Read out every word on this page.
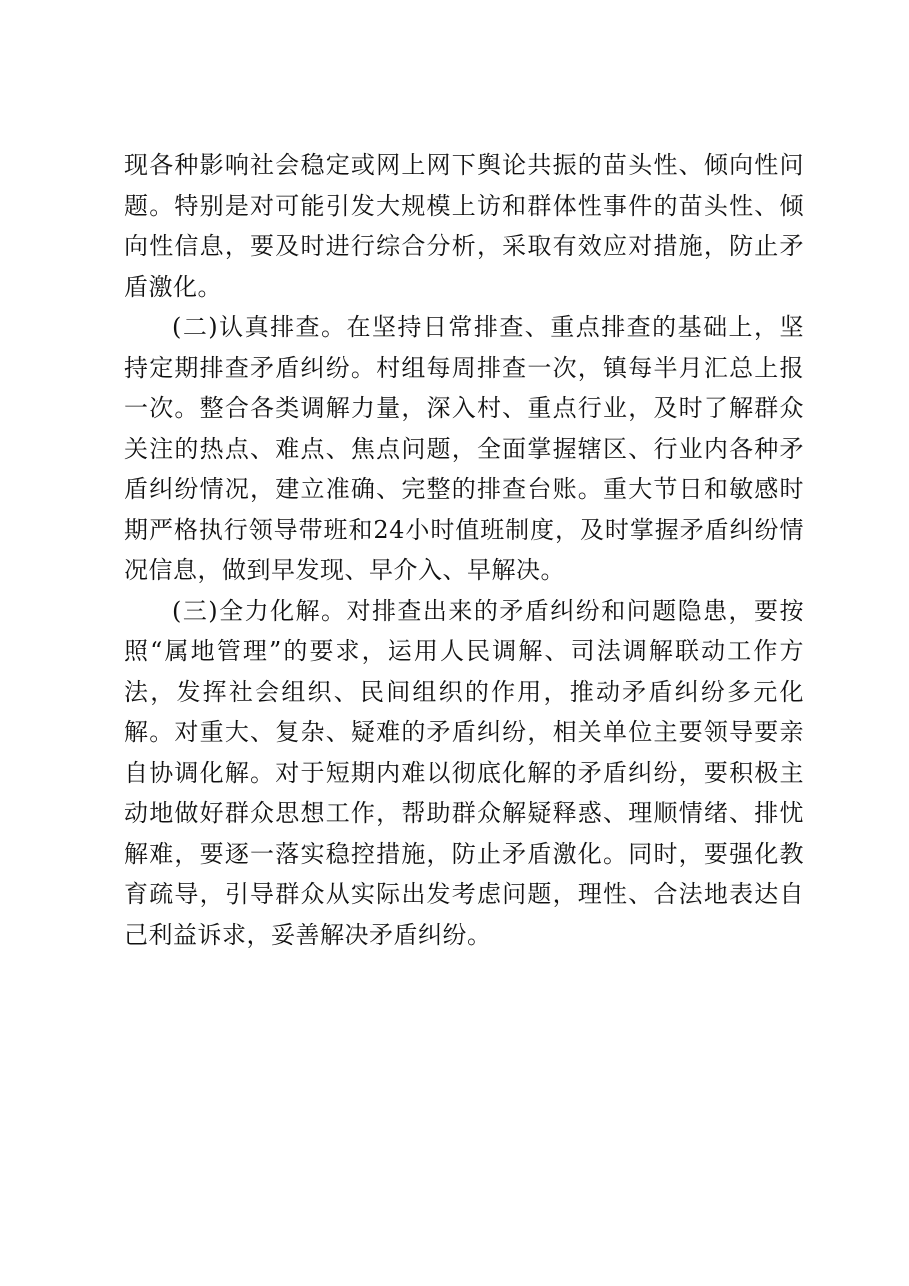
现各种影响社会稳定或网上网下舆论共振的苗头性、倾向性问题。特别是对可能引发大规模上访和群体性事件的苗头性、倾向性信息，要及时进行综合分析，采取有效应对措施，防止矛盾激化。

(二)认真排查。在坚持日常排查、重点排查的基础上，坚持定期排查矛盾纠纷。村组每周排查一次，镇每半月汇总上报一次。整合各类调解力量，深入村、重点行业，及时了解群众关注的热点、难点、焦点问题，全面掌握辖区、行业内各种矛盾纠纷情况，建立准确、完整的排查台账。重大节日和敏感时期严格执行领导带班和24小时值班制度，及时掌握矛盾纠纷情况信息，做到早发现、早介入、早解决。

(三)全力化解。对排查出来的矛盾纠纷和问题隐患，要按照“属地管理”的要求，运用人民调解、司法调解联动工作方法，发挥社会组织、民间组织的作用，推动矛盾纠纷多元化解。对重大、复杂、疑难的矛盾纠纷，相关单位主要领导要亲自协调化解。对于短期内难以彻底化解的矛盾纠纷，要积极主动地做好群众思想工作，帮助群众解疑释惑、理顺情绪、排忧解难，要逐一落实稳控措施，防止矛盾激化。同时，要强化教育疏导，引导群众从实际出发考虑问题，理性、合法地表达自己利益诉求，妥善解决矛盾纠纷。
